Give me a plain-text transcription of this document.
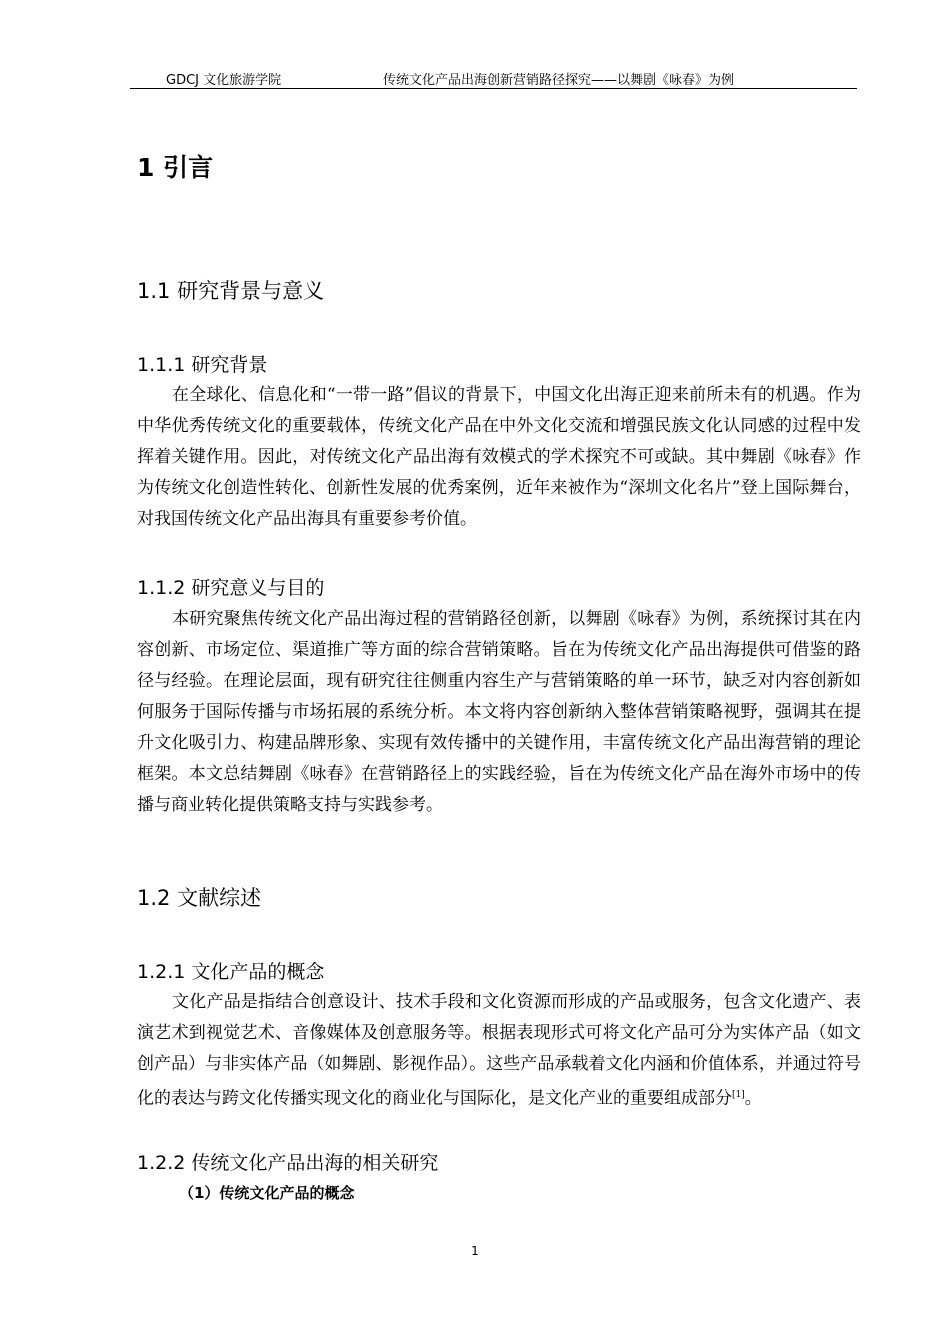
GDCJ 文化旅游学院	传统文化产品出海创新营销路径探究——以舞剧《咏春》为例
1 引言
1.1 研究背景与意义
1.1.1 研究背景

在全球化、信息化和“一带一路”倡议的背景下，中国文化出海正迎来前所未有的机遇。作为中华优秀传统文化的重要载体，传统文化产品在中外文化交流和增强民族文化认同感的过程中发挥着关键作用。因此，对传统文化产品出海有效模式的学术探究不可或缺。其中舞剧《咏春》作为传统文化创造性转化、创新性发展的优秀案例，近年来被作为“深圳文化名片”登上国际舞台，对我国传统文化产品出海具有重要参考价值。

1.1.2 研究意义与目的

本研究聚焦传统文化产品出海过程的营销路径创新，以舞剧《咏春》为例，系统探讨其在内容创新、市场定位、渠道推广等方面的综合营销策略。旨在为传统文化产品出海提供可借鉴的路径与经验。在理论层面，现有研究往往侧重内容生产与营销策略的单一环节，缺乏对内容创新如何服务于国际传播与市场拓展的系统分析。本文将内容创新纳入整体营销策略视野，强调其在提升文化吸引力、构建品牌形象、实现有效传播中的关键作用，丰富传统文化产品出海营销的理论框架。本文总结舞剧《咏春》在营销路径上的实践经验，旨在为传统文化产品在海外市场中的传播与商业转化提供策略支持与实践参考。

1.2 文献综述
1.2.1 文化产品的概念

文化产品是指结合创意设计、技术手段和文化资源而形成的产品或服务，包含文化遗产、表演艺术到视觉艺术、音像媒体及创意服务等。根据表现形式可将文化产品可分为实体产品（如文创产品）与非实体产品（如舞剧、影视作品）。这些产品承载着文化内涵和价值体系，并通过符号化的表达与跨文化传播实现文化的商业化与国际化，是文化产业的重要组成部分[1]。

1.2.2 传统文化产品出海的相关研究
（1）传统文化产品的概念
1
